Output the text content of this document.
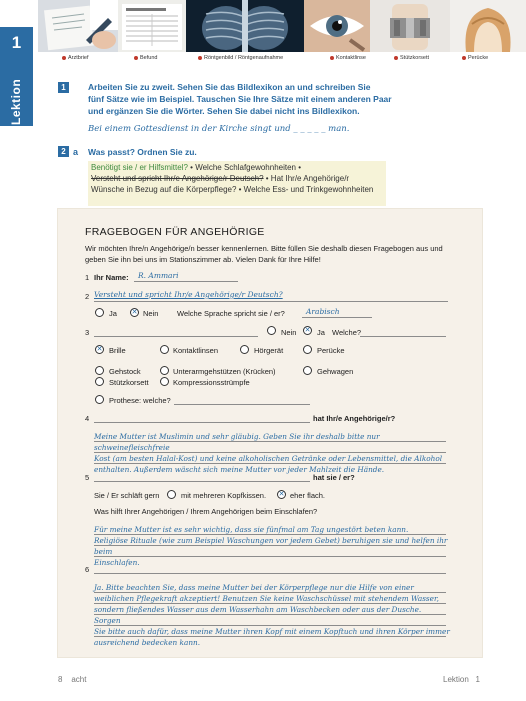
Arztbrief	Befund	Röntgenbild / Röntgenaufnahme	Kontaktlinse	Stützkorsett	Perücke
1
Lektion	1	Arbeiten Sie zu zweit. Sehen Sie das Bildlexikon an und schreiben Sie
fünf Sätze wie im Beispiel. Tauschen Sie Ihre Sätze mit einem anderen Paar
und ergänzen Sie die Wörter. Sehen Sie dabei nicht ins Bildlexikon.
Bei einem Gottesdienst in der Kirche singt und _ _ _ _ _ man.
2 a Was passt? Ordnen Sie zu.
Benötigt sie / er Hilfsmittel? • Welche Schlafgewohnheiten •
Versteht und spricht Ihr/e Angehörige/r Deutsch? • Hat Ihr/e Angehörige/r
Wünsche in Bezug auf die Körperpflege? • Welche Ess- und Trinkgewohnheiten
FRAGEBOGEN FÜR ANGEHÖRIGE
Wir möchten Ihre/n Angehörige/n besser kennenlernen. Bitte füllen Sie deshalb diesen Fragebogen aus und geben Sie ihn bei uns im Stationszimmer ab. Vielen Dank für Ihre Hilfe!
1 Ihr Name: R. Ammari
2 Versteht und spricht Ihr/e Angehörige/r Deutsch?
Ja ✕ Nein Welche Sprache spricht sie / er?	Arabisch
3	Nein ✕ Ja Welche?
✕ Brille	Kontaktlinsen	Hörgerät	Perücke
Gehstock	Unterarmgehstützen (Krücken)	Gehwagen
Stützkorsett	Kompressionsstrümpfe
Prothese: welche?
4	hat Ihr/e Angehörige/r?
Meine Mutter ist Muslimin und sehr gläubig. Geben Sie ihr deshalb bitte nur schweinefleischfreie
Kost (am besten Halal-Kost) und keine alkoholischen Getränke oder Lebensmittel, die Alkohol
enthalten. Außerdem wäscht sich meine Mutter vor jeder Mahlzeit die Hände.
5	hat sie / er?
Sie / Er schläft gern	mit mehreren Kopfkissen. ✕ eher flach.
Was hilft Ihrer Angehörigen / Ihrem Angehörigen beim Einschlafen?
Für meine Mutter ist es sehr wichtig, dass sie fünfmal am Tag ungestört beten kann.
Religiöse Rituale (wie zum Beispiel Waschungen vor jedem Gebet) beruhigen sie und helfen ihr beim
Einschlafen.
6
Ja. Bitte beachten Sie, dass meine Mutter bei der Körperpflege nur die Hilfe von einer
weiblichen Pflegekraft akzeptiert! Benutzen Sie keine Waschschüssel mit stehendem Wasser,
sondern fließendes Wasser aus dem Wasserhahn am Waschbecken oder aus der Dusche. Sorgen
Sie bitte auch dafür, dass meine Mutter ihren Kopf mit einem Kopftuch und ihren Körper immer
ausreichend bedecken kann.
8 acht	Lektion 1
